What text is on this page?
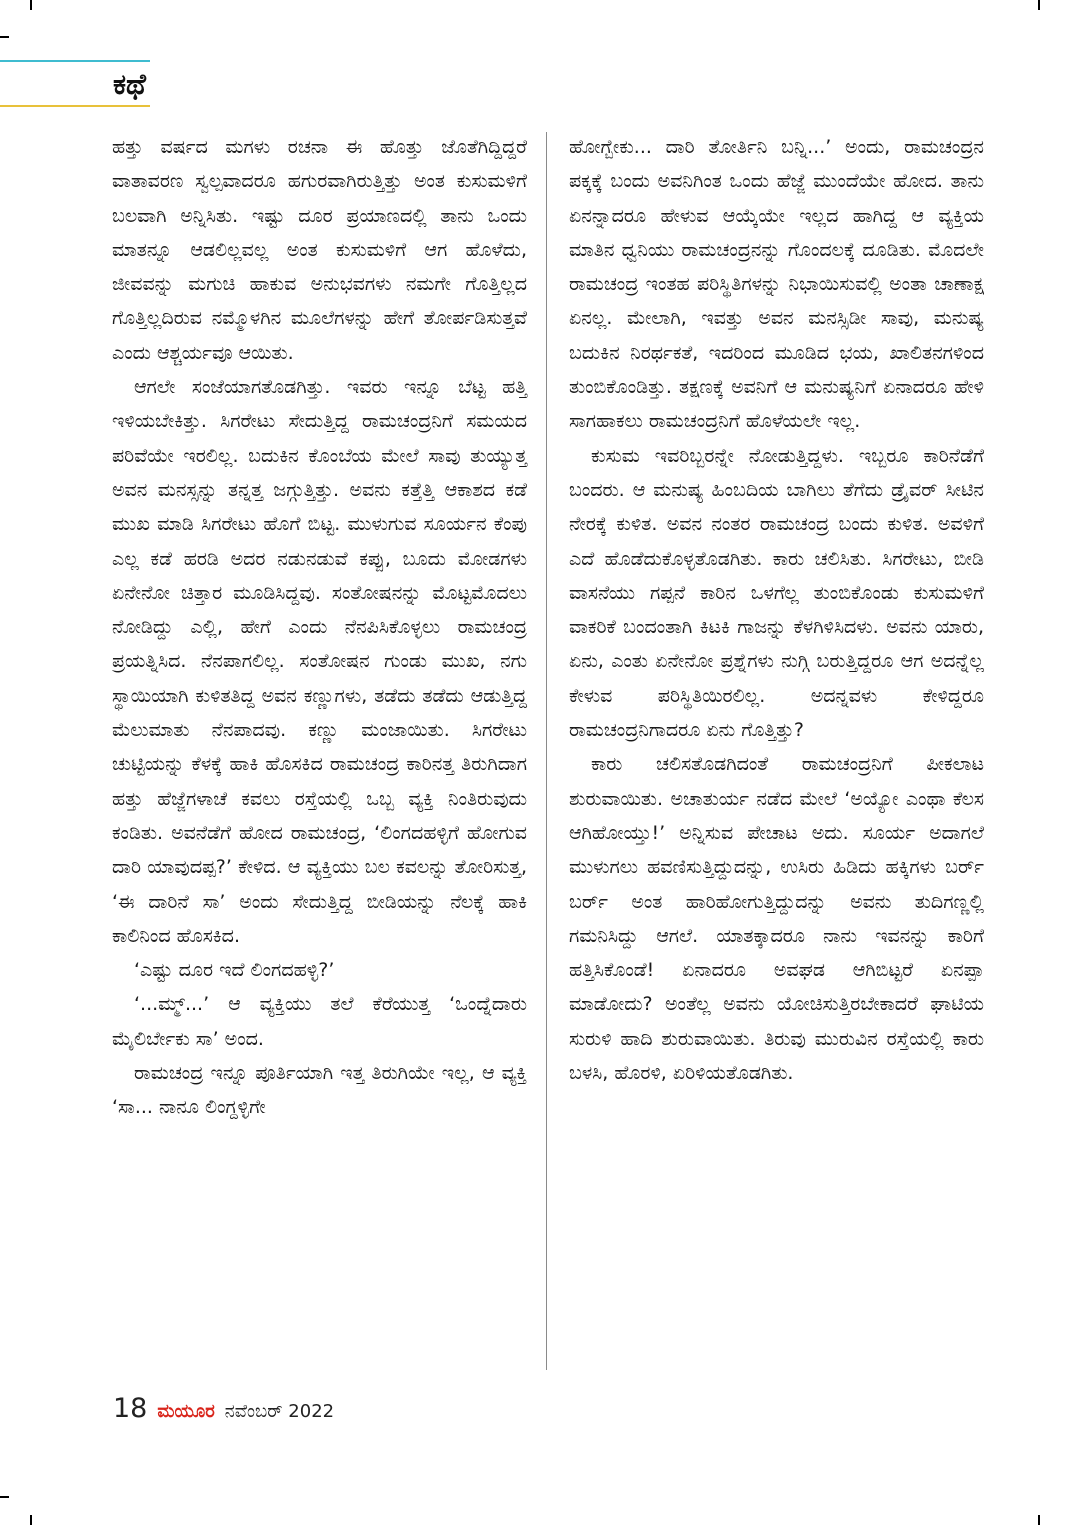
ಕಥೆ

ಹತ್ತು ವರ್ಷದ ಮಗಳು ರಚನಾ ಈ ಹೊತ್ತು ಜೊತೆಗಿದ್ದಿದ್ದರೆ ವಾತಾವರಣ ಸ್ವಲ್ಪವಾದರೂ ಹಗುರವಾಗಿರುತ್ತಿತ್ತು ಅಂತ ಕುಸುಮಳಿಗೆ ಬಲವಾಗಿ ಅನ್ನಿಸಿತು. ಇಷ್ಟು ದೂರ ಪ್ರಯಾಣದಲ್ಲಿ ತಾನು ಒಂದು ಮಾತನ್ನೂ ಆಡಲಿಲ್ಲವಲ್ಲ ಅಂತ ಕುಸುಮಳಿಗೆ ಆಗ ಹೊಳೆದು, ಜೀವವನ್ನು ಮಗುಚಿ ಹಾಕುವ ಅನುಭವಗಳು ನಮಗೇ ಗೊತ್ತಿಲ್ಲದ ಗೊತ್ತಿಲ್ಲದಿರುವ ನಮ್ಮೊಳಗಿನ ಮೂಲೆಗಳನ್ನು ಹೇಗೆ ತೋರ್ಪಡಿಸುತ್ತವೆ ಎಂದು ಆಶ್ಚರ್ಯವೂ ಆಯಿತು.

ಆಗಲೇ ಸಂಜೆಯಾಗತೊಡಗಿತ್ತು. ಇವರು ಇನ್ನೂ ಬೆಟ್ಟ ಹತ್ತಿ ಇಳಿಯಬೇಕಿತ್ತು. ಸಿಗರೇಟು ಸೇದುತ್ತಿದ್ದ ರಾಮಚಂದ್ರನಿಗೆ ಸಮಯದ ಪರಿವೆಯೇ ಇರಲಿಲ್ಲ. ಬದುಕಿನ ಕೊಂಬೆಯ ಮೇಲೆ ಸಾವು ತುಯ್ಯುತ್ತ ಅವನ ಮನಸ್ಸನ್ನು ತನ್ನತ್ತ ಜಗ್ಗುತ್ತಿತ್ತು. ಅವನು ಕತ್ತೆತ್ತಿ ಆಕಾಶದ ಕಡೆ ಮುಖ ಮಾಡಿ ಸಿಗರೇಟು ಹೊಗೆ ಬಿಟ್ಟ. ಮುಳುಗುವ ಸೂರ್ಯನ ಕೆಂಪು ಎಲ್ಲ ಕಡೆ ಹರಡಿ ಅದರ ನಡುನಡುವೆ ಕಪ್ಪು, ಬೂದು ಮೋಡಗಳು ಏನೇನೋ ಚಿತ್ತಾರ ಮೂಡಿಸಿದ್ದವು. ಸಂತೋಷನನ್ನು ಮೊಟ್ಟಮೊದಲು ನೋಡಿದ್ದು ಎಲ್ಲಿ, ಹೇಗೆ ಎಂದು ನೆನಪಿಸಿಕೊಳ್ಳಲು ರಾಮಚಂದ್ರ ಪ್ರಯತ್ನಿಸಿದ. ನೆನಪಾಗಲಿಲ್ಲ. ಸಂತೋಷನ ಗುಂಡು ಮುಖ, ನಗು ಸ್ಥಾಯಿಯಾಗಿ ಕುಳಿತತಿದ್ದ ಅವನ ಕಣ್ಣುಗಳು, ತಡೆದು ತಡೆದು ಆಡುತ್ತಿದ್ದ ಮೆಲುಮಾತು ನೆನಪಾದವು. ಕಣ್ಣು ಮಂಜಾಯಿತು. ಸಿಗರೇಟು ಚುಟ್ಟಿಯನ್ನು ಕೆಳಕ್ಕೆ ಹಾಕಿ ಹೊಸಕಿದ ರಾಮಚಂದ್ರ ಕಾರಿನತ್ತ ತಿರುಗಿದಾಗ ಹತ್ತು ಹೆಜ್ಜೆಗಳಾಚೆ ಕವಲು ರಸ್ತೆಯಲ್ಲಿ ಒಬ್ಬ ವ್ಯಕ್ತಿ ನಿಂತಿರುವುದು ಕಂಡಿತು. ಅವನೆಡೆಗೆ ಹೋದ ರಾಮಚಂದ್ರ, ‘ಲಿಂಗದಹಳ್ಳಿಗೆ ಹೋಗುವ ದಾರಿ ಯಾವುದಪ್ಪ?’ ಕೇಳಿದ. ಆ ವ್ಯಕ್ತಿಯು ಬಲ ಕವಲನ್ನು ತೋರಿಸುತ್ತ, ‘ಈ ದಾರಿನೆ ಸಾ’ ಅಂದು ಸೇದುತ್ತಿದ್ದ ಬೀಡಿಯನ್ನು ನೆಲಕ್ಕೆ ಹಾಕಿ ಕಾಲಿನಿಂದ ಹೊಸಕಿದ.

‘ಎಷ್ಟು ದೂರ ಇದೆ ಲಿಂಗದಹಳ್ಳಿ?’

‘...ಮ್ಮ್...’ ಆ ವ್ಯಕ್ತಿಯು ತಲೆ ಕೆರೆಯುತ್ತ ‘ಒಂದ್ನೆದಾರು ಮೈಲಿರ್ಬೇಕು ಸಾ’ ಅಂದ.

ರಾಮಚಂದ್ರ ಇನ್ನೂ ಪೂರ್ತಿಯಾಗಿ ಇತ್ತ ತಿರುಗಿಯೇ ಇಲ್ಲ, ಆ ವ್ಯಕ್ತಿ ‘ಸಾ... ನಾನೂ ಲಿಂಗ್ದಳ್ಳಿಗೇ

ಹೋಗ್ಬೇಕು... ದಾರಿ ತೋರ್ತಿನಿ ಬನ್ನಿ...’ ಅಂದು, ರಾಮಚಂದ್ರನ ಪಕ್ಕಕ್ಕೆ ಬಂದು ಅವನಿಗಿಂತ ಒಂದು ಹೆಜ್ಜೆ ಮುಂದೆಯೇ ಹೋದ. ತಾನು ಏನನ್ನಾದರೂ ಹೇಳುವ ಆಯ್ಕೆಯೇ ಇಲ್ಲದ ಹಾಗಿದ್ದ ಆ ವ್ಯಕ್ತಿಯ ಮಾತಿನ ಧ್ವನಿಯು ರಾಮಚಂದ್ರನನ್ನು ಗೊಂದಲಕ್ಕೆ ದೂಡಿತು. ಮೊದಲೇ ರಾಮಚಂದ್ರ ಇಂತಹ ಪರಿಸ್ಥಿತಿಗಳನ್ನು ನಿಭಾಯಿಸುವಲ್ಲಿ ಅಂತಾ ಚಾಣಾಕ್ಷ ಏನಲ್ಲ. ಮೇಲಾಗಿ, ಇವತ್ತು ಅವನ ಮನಸ್ಸಿಡೀ ಸಾವು, ಮನುಷ್ಯ ಬದುಕಿನ ನಿರರ್ಥಕತೆ, ಇದರಿಂದ ಮೂಡಿದ ಭಯ, ಖಾಲಿತನಗಳಿಂದ ತುಂಬಿಕೊಂಡಿತ್ತು. ತಕ್ಷಣಕ್ಕೆ ಅವನಿಗೆ ಆ ಮನುಷ್ಯನಿಗೆ ಏನಾದರೂ ಹೇಳಿ ಸಾಗಹಾಕಲು ರಾಮಚಂದ್ರನಿಗೆ ಹೊಳೆಯಲೇ ಇಲ್ಲ.

ಕುಸುಮ ಇವರಿಬ್ಬರನ್ನೇ ನೋಡುತ್ತಿದ್ದಳು. ಇಬ್ಬರೂ ಕಾರಿನೆಡೆಗೆ ಬಂದರು. ಆ ಮನುಷ್ಯ ಹಿಂಬದಿಯ ಬಾಗಿಲು ತೆಗೆದು ಡ್ರೈವರ್ ಸೀಟಿನ ನೇರಕ್ಕೆ ಕುಳಿತ. ಅವನ ನಂತರ ರಾಮಚಂದ್ರ ಬಂದು ಕುಳಿತ. ಅವಳಿಗೆ ಎದೆ ಹೊಡೆದುಕೊಳ್ಳತೊಡಗಿತು. ಕಾರು ಚಲಿಸಿತು. ಸಿಗರೇಟು, ಬೀಡಿ ವಾಸನೆಯು ಗಪ್ಪನೆ ಕಾರಿನ ಒಳಗೆಲ್ಲ ತುಂಬಿಕೊಂಡು ಕುಸುಮಳಿಗೆ ವಾಕರಿಕೆ ಬಂದಂತಾಗಿ ಕಿಟಕಿ ಗಾಜನ್ನು ಕೆಳಗಿಳಿಸಿದಳು. ಅವನು ಯಾರು, ಏನು, ಎಂತು ಏನೇನೋ ಪ್ರಶ್ನೆಗಳು ನುಗ್ಗಿ ಬರುತ್ತಿದ್ದರೂ ಆಗ ಅದನ್ನೆಲ್ಲ ಕೇಳುವ ಪರಿಸ್ಥಿತಿಯಿರಲಿಲ್ಲ. ಅದನ್ನವಳು ಕೇಳಿದ್ದರೂ ರಾಮಚಂದ್ರನಿಗಾದರೂ ಏನು ಗೊತ್ತಿತ್ತು?

ಕಾರು ಚಲಿಸತೊಡಗಿದಂತೆ ರಾಮಚಂದ್ರನಿಗೆ ಪೀಕಲಾಟ ಶುರುವಾಯಿತು. ಅಚಾತುರ್ಯ ನಡೆದ ಮೇಲೆ ‘ಅಯ್ಯೋ ಎಂಥಾ ಕೆಲಸ ಆಗಿಹೋಯ್ತು!’ ಅನ್ನಿಸುವ ಪೇಚಾಟ ಅದು. ಸೂರ್ಯ ಅದಾಗಲೆ ಮುಳುಗಲು ಹವಣಿಸುತ್ತಿದ್ದುದನ್ನು, ಉಸಿರು ಹಿಡಿದು ಹಕ್ಕಿಗಳು ಬರ್ರ್ ಬರ್ರ್ ಅಂತ ಹಾರಿಹೋಗುತ್ತಿದ್ದುದನ್ನು ಅವನು ತುದಿಗಣ್ಣಲ್ಲಿ ಗಮನಿಸಿದ್ದು ಆಗಲೆ. ಯಾತಕ್ಕಾದರೂ ನಾನು ಇವನನ್ನು ಕಾರಿಗೆ ಹತ್ತಿಸಿಕೊಂಡೆ! ಏನಾದರೂ ಅವಘಡ ಆಗಿಬಿಟ್ಟರೆ ಏನಪ್ಪಾ ಮಾಡೋದು? ಅಂತೆಲ್ಲ ಅವನು ಯೋಚಿಸುತ್ತಿರಬೇಕಾದರೆ ಘಾಟಿಯ ಸುರುಳಿ ಹಾದಿ ಶುರುವಾಯಿತು. ತಿರುವು ಮುರುವಿನ ರಸ್ತೆಯಲ್ಲಿ ಕಾರು ಬಳಸಿ, ಹೊರಳಿ, ಏರಿಳಿಯತೊಡಗಿತು.

18 ಮಯೂರ ನವೆಂಬರ್ 2022
